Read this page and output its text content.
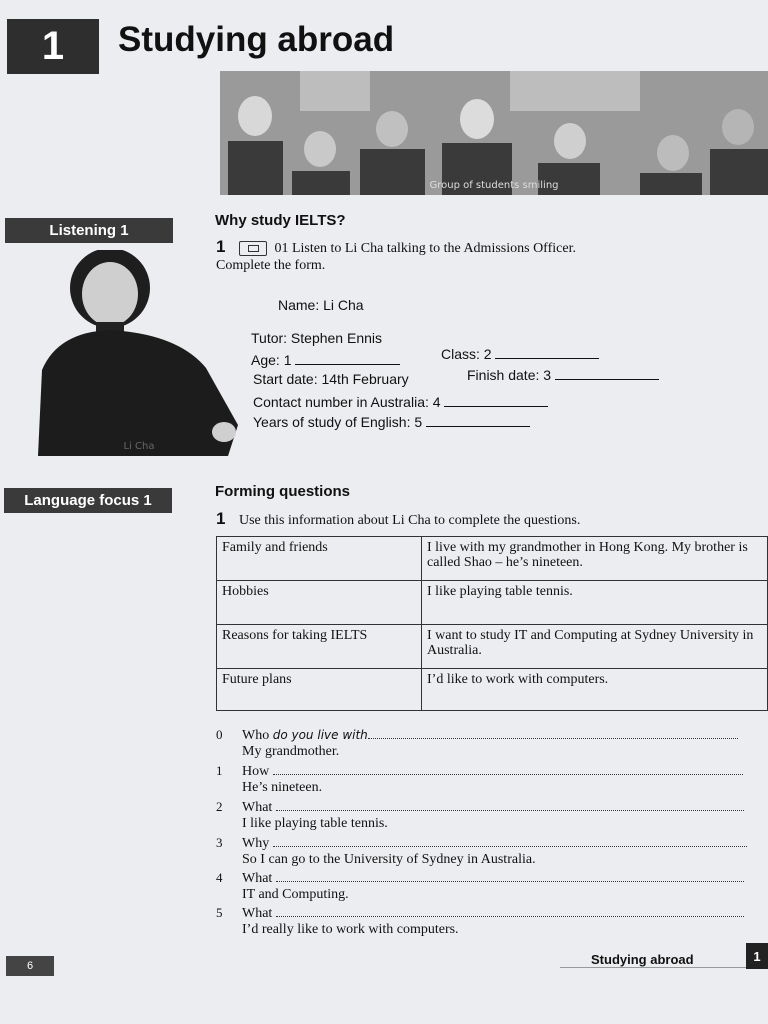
1	Studying abroad
Group of students smiling
Listening 1
Li Cha
Why study IELTS?
1	01 Listen to Li Cha talking to the Admissions Officer.
Complete the form.
Name: Li Cha
Tutor: Stephen Ennis
Age: 1	Class: 2
Start date: 14th February	Finish date: 3
Contact number in Australia: 4
Years of study of English: 5
Language focus 1
Forming questions
1 Use this information about Li Cha to complete the questions.
Family and friends	I live with my grandmother in Hong Kong. My brother is called Shao – he’s nineteen.
Hobbies	I like playing table tennis.
Reasons for taking IELTS	I want to study IT and Computing at Sydney University in Australia.
Future plans	I’d like to work with computers.
0 Who do you live with
My grandmother.
1 How
He’s nineteen.
2 What
I like playing table tennis.
3 Why
So I can go to the University of Sydney in Australia.
4 What
IT and Computing.
5 What
I’d really like to work with computers.
6	Studying abroad	1
